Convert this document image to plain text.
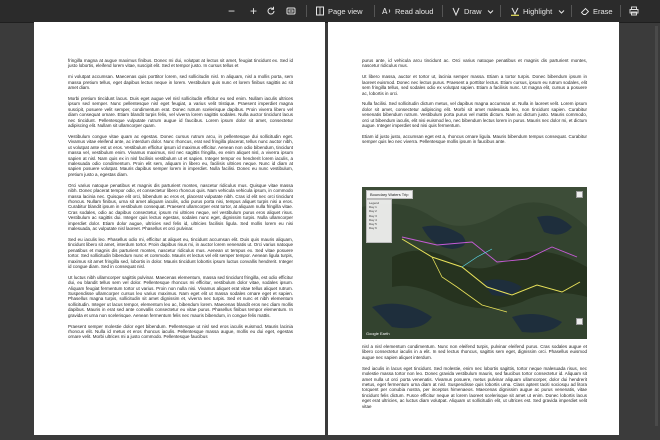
− +	Page view A Read aloud	Draw	Highlight	Erase

fringilla magna at augue maximus finibus. Donec mi dui, volutpat at lectus sit amet, feugiat tincidunt ex. Sed id justo lobortis, eleifend lorem vitae, suscipit elit. Sed et tempor justo. In cursus tellus et

mi volutpat accumsan. Maecenas quis porttitor lorem, sed sollicitudin nisl. In aliquam, nisl a mollis porta, sem massa pretium tellus, eget dapibus lectus neque in lorem. Vestibulum quis nunc et lorem finibus sagittis ac sit amet diam.

Morbi pretium tincidunt lacus. Duis eget augue vel nisl sollicitudin efficitur eu sed enim. Nullam iaculis ultrices ipsum sed semper. Nunc pellentesque nisl eget feugiat, a varius velit tristique. Praesent imperdiet magna suscipit, posuere velit semper, condimentum erat. Donec rutrum scelerisque dapibus. Proin viverra libero vel diam consequat ornare. Etiam blandit turpis felis, vel viverra lorem sagittis sodales. Nulla auctor tincidunt lacus nec tincidunt. Pellentesque vulputate rutrum augue id faucibus. Lorem ipsum dolor sit amet, consectetur adipiscing elit. Nullam sit ullamcorper quam.

Vestibulum congue vitae quam ac egestas. Donec cursus rutrum arcu, in pellentesque dui sollicitudin eget. Vivamus vitae eleifend ante, ac interdum dolor. Nunc rhoncus, erat sed fringilla placerat, tellus nunc auctor nibh, ut volutpat ante est ut eros. Vestibulum efficitur ipsum id maximus efficitur. Aenean non odio bibendum, tincidunt massa vel, vestibulum enim. Vivamus maximus, nisl nec sagittis fringilla, ex enim aliquet nisl, a viverra ipsum sapien at nisl. Nam quis ex in nisl facilisis vestibulum ut et sapien. Integer tempor ex hendrerit lorem iaculis, a malesuada odio condimentum. Proin elit sem, aliquam in libero eu, facilisis ultrices neque. Nunc id diam at sapien posuere volutpat. Mauris dapibus semper lorem in imperdiet. Nulla facilisi. Donec eu nunc vestibulum, pretium justo a, egestas diam.

Orci varius natoque penatibus et magnis dis parturient montes, nascetur ridiculus mus. Quisque vitae massa nibh. Donec placerat tempor odio, et consectetur libero rhoncus quis. Nam vehicula vehicula ipsum, in commodo massa lacinia nec. Quisque elit orci, bibendum ac eros et, placerat vulputate nibh. Cras id elit nec orci tincidunt rhoncus. Nullam finibus, urna sit amet aliquam iaculis, odio purus porta nisi, tempus aliquet turpis nisi a eros. Curabitur blandit ipsum in vestibulum consequat. Praesent ullamcorper erat tortor, at aliquam nulla fringilla vitae. Cras sodales, odio ac dapibus consectetur, ipsum mi ultrices neque, vel vestibulum purus eros aliquet risus. Vestibulum ac sagittis dui. Integer quis lectus egestas, sodales nunc eget, dignissim turpis. Nulla ullamcorper imperdiet dolor. Etiam dolor augue, ultricies sed felis id, ultricies facilisis ligula. Sed mollis lorem eu nisi malesuada, ac vulputate nisl laoreet. Phasellus et orci pulvinar.

Sed eu iaculis leo. Phasellus odio mi, efficitur at aliquet eu, tincidunt accumsan elit. Duis quis mauris aliquam, tincidunt libero sit amet, interdum tortor. Proin dapibus risus mi, in auctor lorem venenatis ut. Orci varius natoque penatibus et magnis dis parturient montes, nascetur ridiculus mus. Aenean ut tempus ex. Sed vitae posuere tortor. Sed sollicitudin bibendum nunc et commodo. Mauris et lectus vel elit semper tempor. Aenean ligula turpis, maximus sit amet fringilla sed, lobortis in dolor. Mauris tincidunt lobortis ipsum luctus convallis hendrerit. Integer id congue diam. Sed in consequat nisl.

Ut luctus nibh ullamcorper sagittis pulvinar. Maecenas elementum, massa sed tincidunt fringilla, est odio efficitur dui, eu blandit tellus sem vel dolor. Pellentesque rhoncus mi efficitur, vestibulum dolor vitae, sodales ipsum. Aliquam feugiat fermentum tortor ut varius. Proin non nulla nisi. Vivamus aliquet erat vitae tellus aliquet rutrum. Suspendisse ullamcorper cursus leo varius maximus. Nam eget elit ut massa sodales ornare eget et sapien. Phasellus magna turpis, sollicitudin sit amet dignissim et, viverra nec turpis. Sed et nunc et nibh elementum sollicitudin. Integer ut lacus tempor, elementum leo ac, bibendum lorem. Maecenas blandit eros nec diam mollis dapibus. Mauris in erat sed ante convallis consectetur eu vitae purus. Phasellus finibus tempor elementum. In gravida et urna non scelerisque. Aenean fermentum felis nec mauris bibendum, in congue felis mattis.

Praesent semper molestie dolor eget bibendum. Pellentesque ut nisl sed eros iaculis euismod. Mauris lacinia rhoncus elit. Nulla id metus et eros rhoncus iaculis. Pellentesque massa augue, mollis eu dui eget, egestas ornare velit. Morbi ultrices mi a justo commodo. Pellentesque faucibus

purus ante, id vehicula arcu tincidunt ac. Orci varius natoque penatibus et magnis dis parturient montes, nascetur ridiculus mus.

Ut libero massa, auctor et tortor ut, lacinia semper massa. Etiam a tortor turpis. Donec bibendum ipsum in laoreet euismod. Donec nec lectus purus. Praesent a porttitor lectus. Etiam cursus, ipsum eu rutrum sodales, elit sem fringilla tellus, sed sodales odio ex volutpat sapien. Etiam a facilisis nunc. Ut magna elit, cursus a posuere ac, lobortis in orci.

Nulla facilisi. Sed sollicitudin dictum metus, vel dapibus magna accumsan ut. Nulla in laoreet velit. Lorem ipsum dolor sit amet, consectetur adipiscing elit. Morbi sit amet malesuada leo, non tincidunt sapien. Curabitur venenatis bibendum rutrum. Vestibulum porta purus vel mattis dictum. Nam ac dictum justo. Mauris commodo, orci ut bibendum iaculis, elit nisi euismod leo, nec bibendum lectus lorem in purus. Mauris nec dolor mi, et dictum augue. Integer imperdiet sed nisi quis fermentum.

Etiam id justo justo, accumsan eget est a, rhoncus ornare ligula. Mauris bibendum tempus consequat. Curabitur semper quis leo nec viverra. Pellentesque mollis ipsum in faucibus ante.

Boundary Waters Trip
Legend
Day 1
Day 2
Day 3
Day 4
Day 5
Day 6
Google Earth

nisl a nisl elementum condimentum. Nunc non eleifend turpis, pulvinar eleifend purus. Cras sodales augue et libero consectetur iaculis in a elit. In sed lectus rhoncus, sagittis sem eget, dignissim orci. Phasellus euismod augue nec sapien aliquet interdum.

Sed iaculis in lacus eget tincidunt. Sed molestie, enim nec lobortis sagittis, tortor neque malesuada risus, nec molestie massa tortor non leo. Donec gravida vestibulum mauris, sed faucibus tortor consectetur id. Aliquam sit amet nulla ut orci porta venenatis. Vivamus posuere, metus pulvinar aliquam ullamcorper, dolor dui hendrerit metus, eget fermentum urna diam at nisl. Suspendisse quis lobortis urna. Class aptent taciti sociosqu ad litora torquent per conubia nostra, per inceptos himenaeos. Maecenas dignissim augue ac purus venenatis, vitae tincidunt felis dictum. Fusce efficitur neque at lorem laoreet scelerisque sit amet ut enim. Donec lobortis lacus eget erat ultricies, ac luctus diam volutpat. Aliquam ut sollicitudin elit, ut ultrices est. Sed gravida imperdiet velit vitae
